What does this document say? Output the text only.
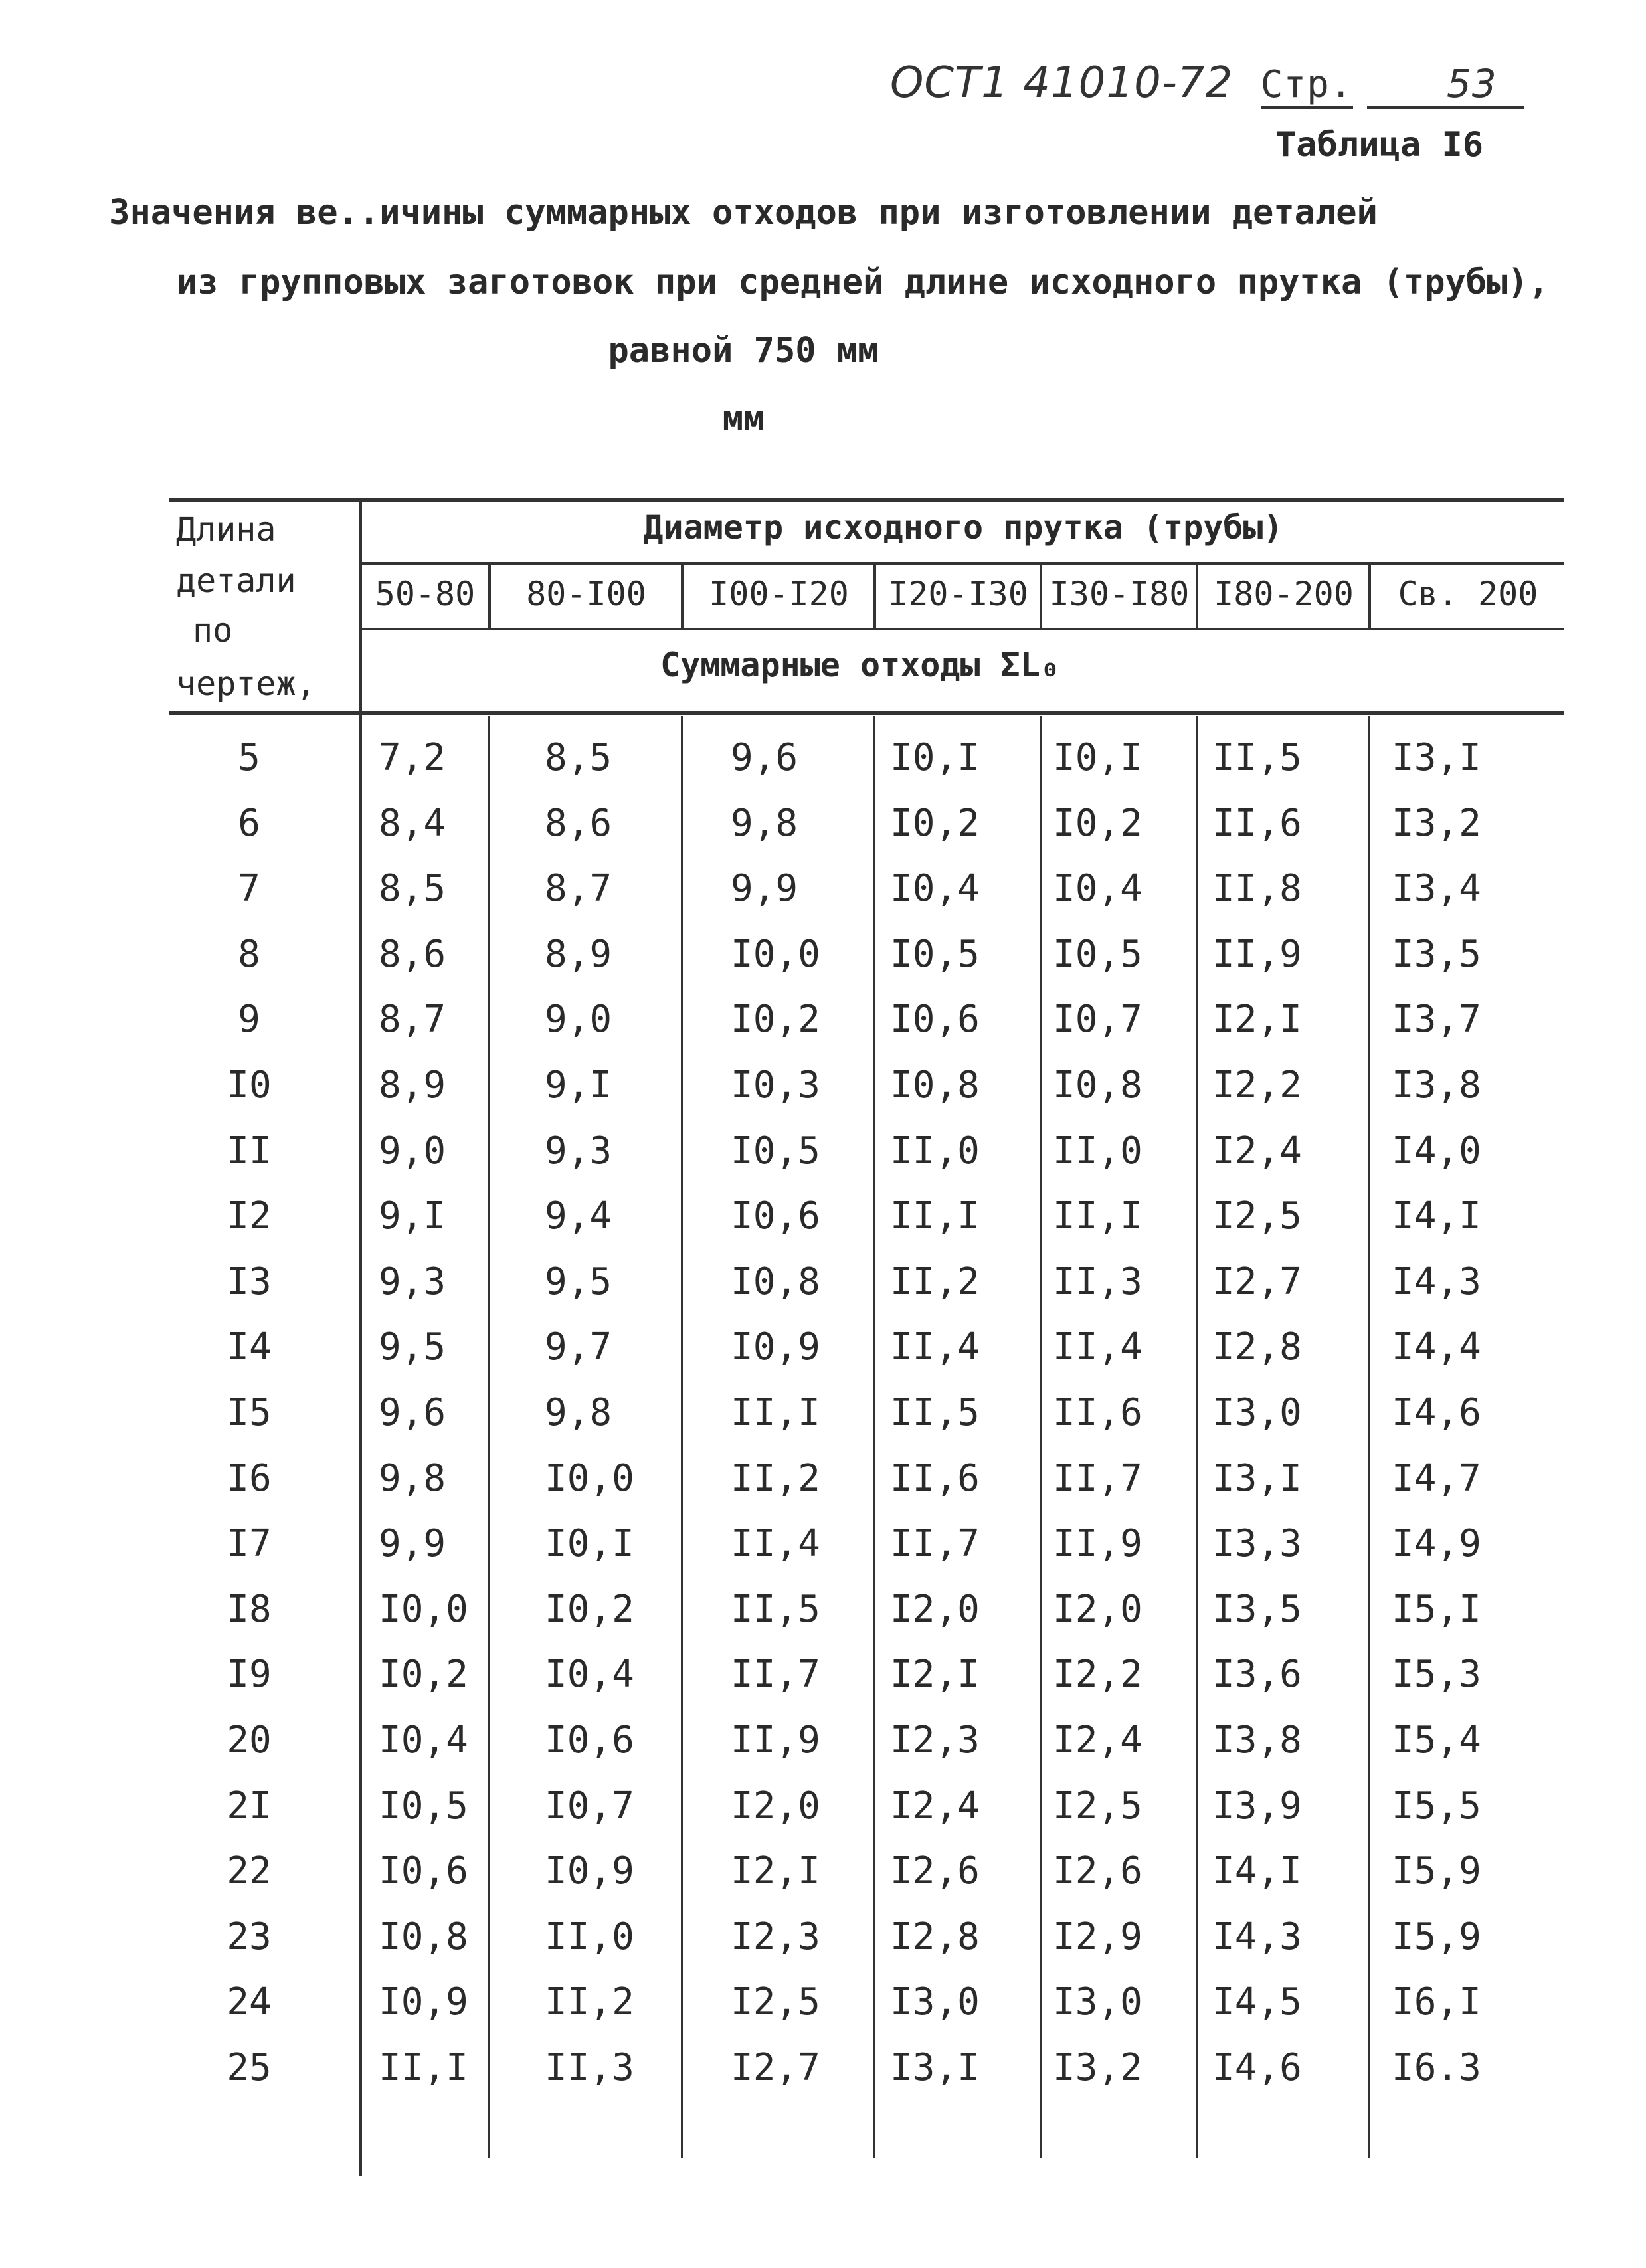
ОСТ1 41010-72 Стр. 53
Таблица I6
Значения ве..ичины суммарных отходов при изготовлении деталей
из групповых заготовок при средней длине исходного прутка (трубы),
равной 750 мм
мм
Длина
детали
по
чертеж,
Диаметр исходного прутка (трубы)
50-80	80-I00	I00-I20	I20-I30 I30-I80 I80-200	Св. 200
Суммарные отходы ΣL₀
5	7,2	8,5	9,6 I0,I I0,I II,5 I3,I
6	8,4	8,6	9,8 I0,2 I0,2 II,6 I3,2
7	8,5	8,7	9,9 I0,4 I0,4 II,8 I3,4
8	8,6	8,9	I0,0 I0,5 I0,5 II,9 I3,5
9	8,7	9,0	I0,2 I0,6 I0,7 I2,I I3,7
I0	8,9	9,I	I0,3 I0,8 I0,8 I2,2 I3,8
II	9,0	9,3	I0,5 II,0 II,0 I2,4 I4,0
I2	9,I	9,4	I0,6 II,I II,I I2,5 I4,I
I3	9,3	9,5	I0,8 II,2 II,3 I2,7 I4,3
I4	9,5	9,7	I0,9 II,4 II,4 I2,8 I4,4
I5	9,6	9,8	II,I II,5 II,6 I3,0 I4,6
I6	9,8	I0,0	II,2 II,6 II,7 I3,I I4,7
I7	9,9	I0,I	II,4 II,7 II,9 I3,3 I4,9
I8	I0,0 I0,2	II,5 I2,0 I2,0 I3,5 I5,I
I9	I0,2 I0,4	II,7 I2,I I2,2 I3,6 I5,3
20	I0,4 I0,6	II,9 I2,3 I2,4 I3,8 I5,4
2I	I0,5 I0,7	I2,0 I2,4 I2,5 I3,9 I5,5
22	I0,6 I0,9	I2,I I2,6 I2,6 I4,I I5,9
23	I0,8 II,0	I2,3 I2,8 I2,9 I4,3 I5,9
24	I0,9 II,2	I2,5 I3,0 I3,0 I4,5 I6,I
25	II,I II,3	I2,7 I3,I I3,2 I4,6 I6.3
